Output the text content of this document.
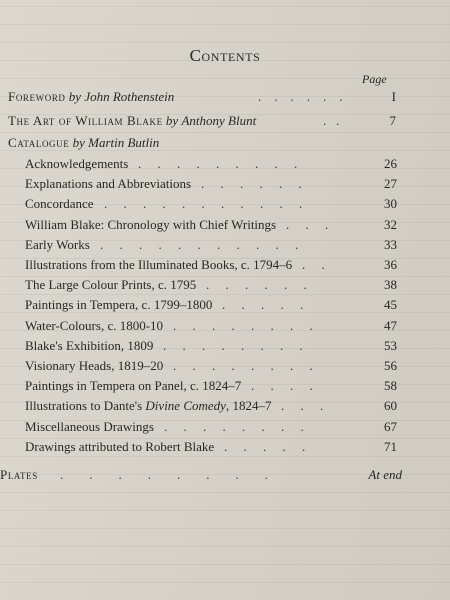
Contents
Page
Foreword by John Rothenstein	.    .    .    .    .    .	I
The Art of William Blake by Anthony Blunt	.   .	7
Catalogue by Martin Butlin
Acknowledgements .     .     .     .     .     .     .     .     .	26
Explanations and Abbreviations .     .     .     .     .     .	27
Concordance .     .     .     .     .     .     .     .     .     .     .	30
William Blake: Chronology with Chief Writings .     .     .	32
Early Works .     .     .     .     .     .     .     .     .     .     .	33
Illustrations from the Illuminated Books, c. 1794–6 .     .	36
The Large Colour Prints, c. 1795 .     .     .     .     .     .	38
Paintings in Tempera, c. 1799–1800 .     .     .     .     .	45
Water-Colours, c. 1800-10 .     .     .     .     .     .     .     .	47
Blake's Exhibition, 1809 .     .     .     .     .     .     .     .	53
Visionary Heads, 1819–20 .     .     .     .     .     .     .     .	56
Paintings in Tempera on Panel, c. 1824–7 .     .     .     .	58
Illustrations to Dante's Divine Comedy, 1824–7 .     .     .	60
Miscellaneous Drawings .     .     .     .     .     .     .     .	67
Drawings attributed to Robert Blake .     .     .     .     .	71
Plates .        .        .        .        .        .        .        .	At end
